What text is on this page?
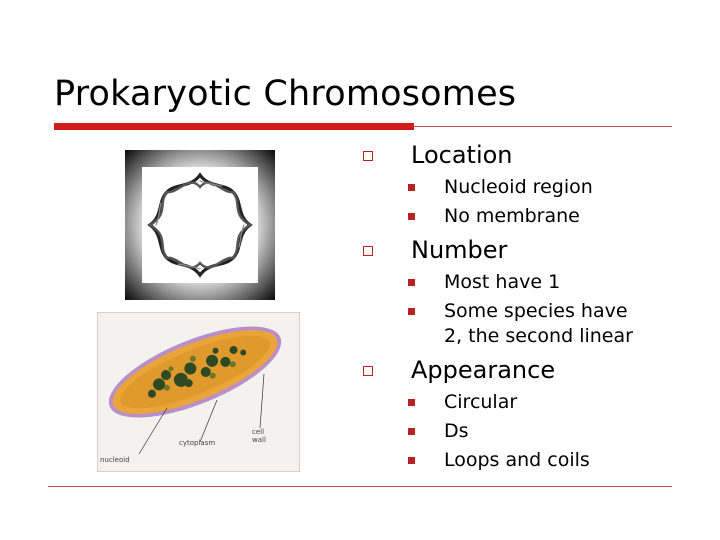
Prokaryotic Chromosomes
nucleoid
cytoplasm
cell
wall
Location
Nucleoid region
No membrane
Number
Most have 1
Some species have
2, the second linear
Appearance
Circular
Ds
Loops and coils
